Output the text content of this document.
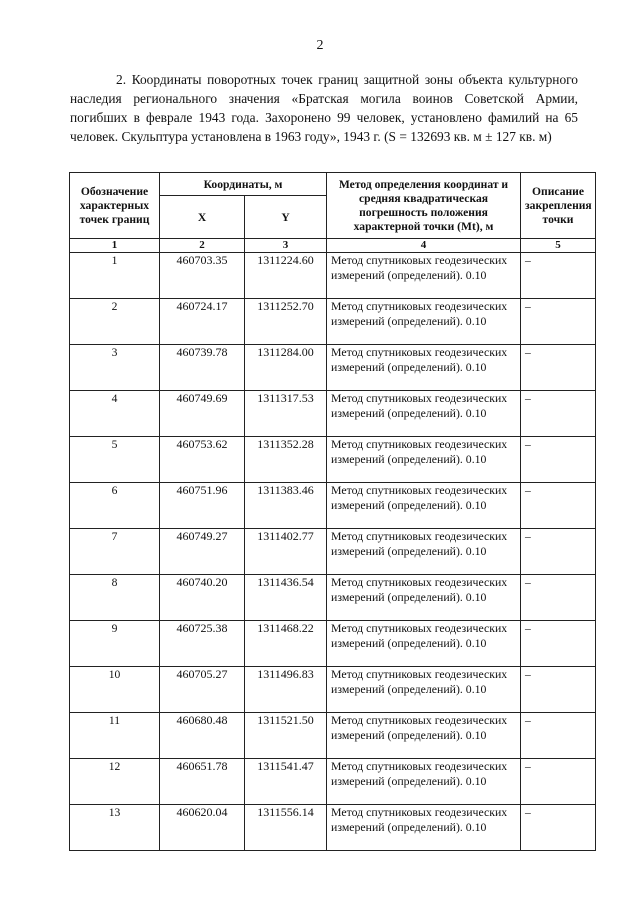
2

2. Координаты поворотных точек границ защитной зоны объекта культурного наследия регионального значения «Братская могила воинов Советской Армии, погибших в феврале 1943 года. Захоронено 99 человек, установлено фамилий на 65 человек. Скульптура установлена в 1963 году», 1943 г. (S = 132693 кв. м ± 127 кв. м)

Обозначение характерных точек границ	Координаты, м		Метод определения координат и средняя квадратическая погрешность положения характерной точки (Мt), м	Описание закрепления точки

	X	Y		
1	2	3	4	5
1	460703.35	1311224.60	Метод спутниковых геодезических измерений (определений). 0.10	–
2	460724.17	1311252.70	Метод спутниковых геодезических измерений (определений). 0.10	–
3	460739.78	1311284.00	Метод спутниковых геодезических измерений (определений). 0.10	–
4	460749.69	1311317.53	Метод спутниковых геодезических измерений (определений). 0.10	–
5	460753.62	1311352.28	Метод спутниковых геодезических измерений (определений). 0.10	–
6	460751.96	1311383.46	Метод спутниковых геодезических измерений (определений). 0.10	–
7	460749.27	1311402.77	Метод спутниковых геодезических измерений (определений). 0.10	–
8	460740.20	1311436.54	Метод спутниковых геодезических измерений (определений). 0.10	–
9	460725.38	1311468.22	Метод спутниковых геодезических измерений (определений). 0.10	–
10	460705.27	1311496.83	Метод спутниковых геодезических измерений (определений). 0.10	–
11	460680.48	1311521.50	Метод спутниковых геодезических измерений (определений). 0.10	–
12	460651.78	1311541.47	Метод спутниковых геодезических измерений (определений). 0.10	–
13	460620.04	1311556.14	Метод спутниковых геодезических измерений (определений). 0.10	–
